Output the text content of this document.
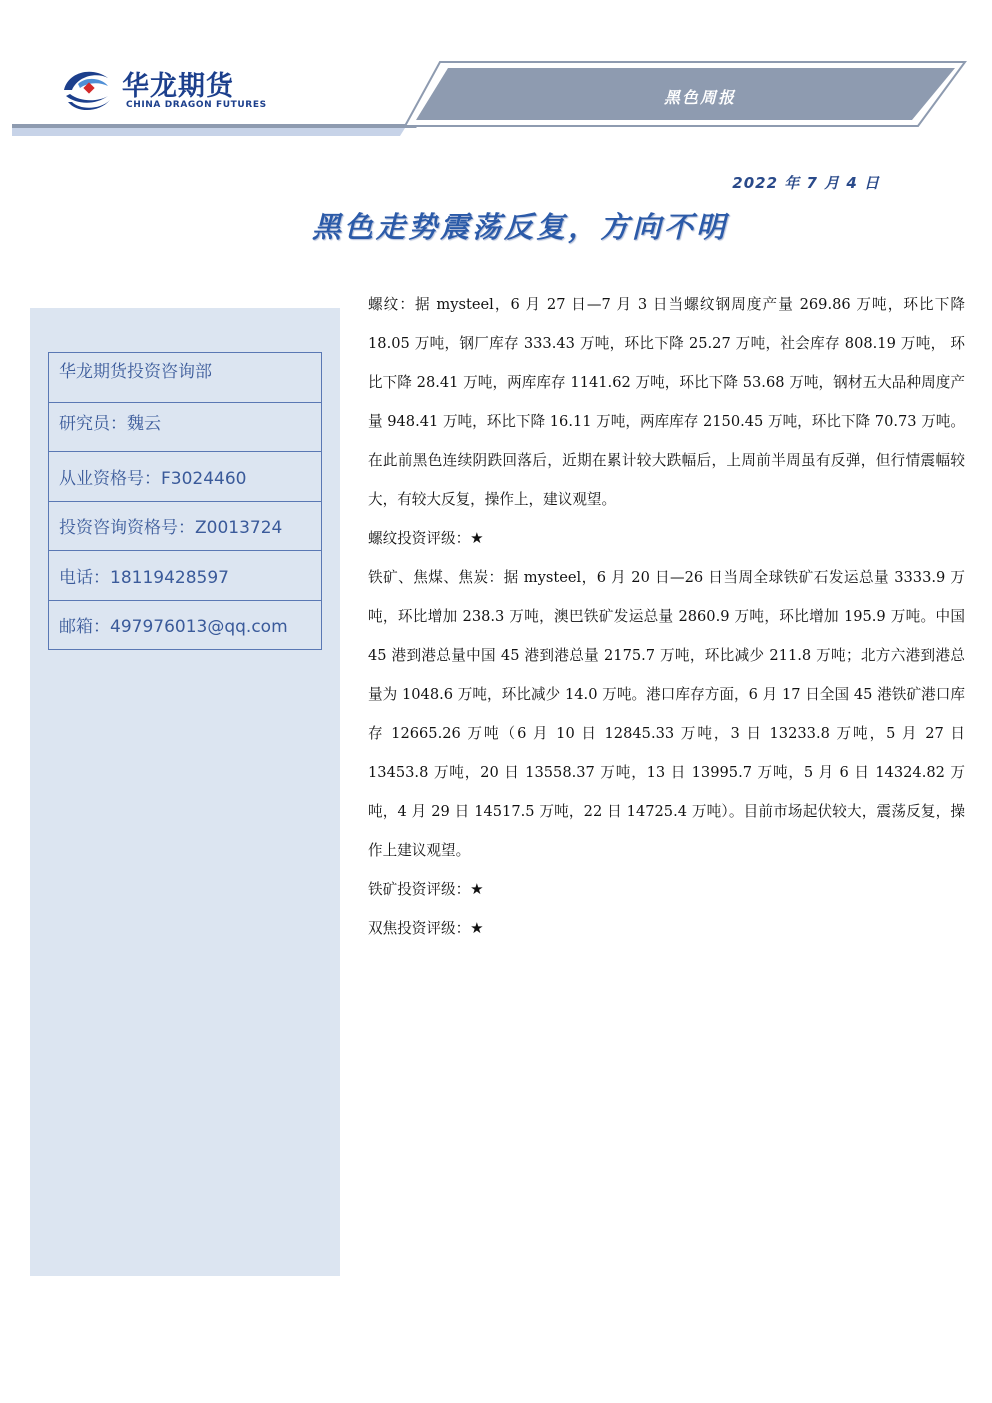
华龙期货
CHINA DRAGON FUTURES	黑色周报
2022 年 7 月 4 日
黑色走势震荡反复，方向不明
华龙期货投资咨询部
研究员：魏云
从业资格号：F3024460
投资咨询资格号：Z0013724
电话：18119428597
邮箱：497976013@qq.com

螺纹：据 mysteel，6 月 27 日—7 月 3 日当螺纹钢周度产量 269.86 万吨，环比下降 18.05 万吨，钢厂库存 333.43 万吨，环比下降 25.27 万吨，社会库存 808.19 万吨， 环比下降 28.41 万吨，两库库存 1141.62 万吨，环比下降 53.68 万吨，钢材五大品种周度产量 948.41 万吨，环比下降 16.11 万吨，两库库存 2150.45 万吨，环比下降 70.73 万吨。在此前黑色连续阴跌回落后，近期在累计较大跌幅后，上周前半周虽有反弹，但行情震幅较大，有较大反复，操作上，建议观望。

螺纹投资评级：★

铁矿、焦煤、焦炭：据 mysteel，6 月 20 日—26 日当周全球铁矿石发运总量 3333.9 万吨，环比增加 238.3 万吨，澳巴铁矿发运总量 2860.9 万吨，环比增加 195.9 万吨。中国 45 港到港总量中国 45 港到港总量 2175.7 万吨，环比减少 211.8 万吨；北方六港到港总量为 1048.6 万吨，环比减少 14.0 万吨。港口库存方面，6 月 17 日全国 45 港铁矿港口库存 12665.26 万吨（6 月 10 日 12845.33 万吨，3 日 13233.8 万吨，5 月 27 日 13453.8 万吨，20 日 13558.37 万吨，13 日 13995.7 万吨，5 月 6 日 14324.82 万吨，4 月 29 日 14517.5 万吨，22 日 14725.4 万吨）。目前市场起伏较大，震荡反复，操作上建议观望。

铁矿投资评级：★

双焦投资评级：★
